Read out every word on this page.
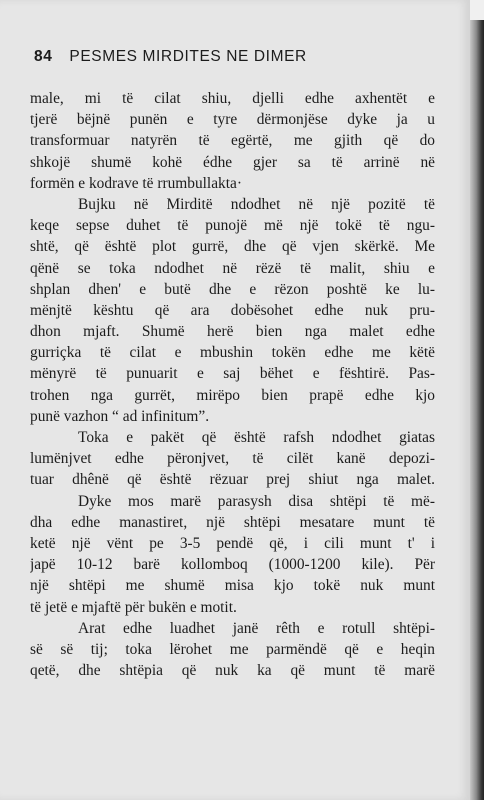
84 PESMES MIRDITES NE DIMER
male, mi të cilat shiu, djelli edhe axhentët e
tjerë bëjnë punën e tyre dërmonjëse dyke ja u
transformuar natyrën të egërtë, me gjith që do
shkojë shumë kohë édhe gjer sa të arrinë në
formën e kodrave të rrumbullakta·
Bujku në Mirditë ndodhet në një pozitë të
keqe sepse duhet të punojë më një tokë të ngu-
shtë, që është plot gurrë, dhe që vjen skërkë. Me
qënë se toka ndodhet në rëzë të malit, shiu e
shplan dhen' e butë dhe e rëzon poshtë ke lu-
mënjtë kështu që ara dobësohet edhe nuk pru-
dhon mjaft. Shumë herë bien nga malet edhe
gurriçka të cilat e mbushin tokën edhe me këtë
mënyrë të punuarit e saj bëhet e fështirë. Pas-
trohen nga gurrët, mirëpo bien prapë edhe kjo
punë vazhon “ ad infinitum”.
Toka e pakët që është rafsh ndodhet giatas
lumënjvet edhe përonjvet, të cilët kanë depozi-
tuar dhênë që është rëzuar prej shiut nga malet.
Dyke mos marë parasysh disa shtëpi të më-
dha edhe manastiret, një shtëpi mesatare munt të
ketë një vënt pe 3-5 pendë që, i cili munt t' i
japë 10-12 barë kollomboq (1000-1200 kile). Për
një shtëpi me shumë misa kjo tokë nuk munt
të jetë e mjaftë për bukën e motit.
Arat edhe luadhet janë rêth e rotull shtëpi-
së së tij; toka lërohet me parmëndë që e heqin
qetë, dhe shtëpia që nuk ka që munt të marë
